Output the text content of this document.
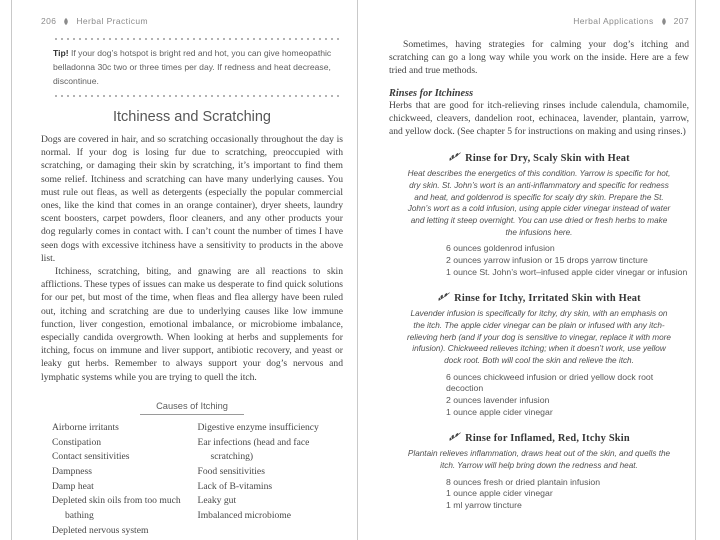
206 Herbal Practicum
Tip! If your dog’s hotspot is bright red and hot, you can give homeopathic belladonna 30c two or three times per day. If redness and heat decrease, discontinue.
Itchiness and Scratching

Dogs are covered in hair, and so scratching occasionally throughout the day is normal. If your dog is losing fur due to scratching, preoccupied with scratching, or damaging their skin by scratching, it’s important to find them some relief. Itchiness and scratching can have many underlying causes. You must rule out fleas, as well as detergents (especially the popular commercial ones, like the kind that comes in an orange container), dryer sheets, laundry scent boosters, carpet powders, floor cleaners, and any other products your dog regularly comes in contact with. I can’t count the number of times I have seen dogs with excessive itchiness have a sensitivity to products in the above list.

Itchiness, scratching, biting, and gnawing are all reactions to skin afflictions. These types of issues can make us desperate to find quick solutions for our pet, but most of the time, when fleas and flea allergy have been ruled out, itching and scratching are due to underlying causes like low immune function, liver congestion, emotional imbalance, or microbiome imbalance, especially candida overgrowth. When looking at herbs and supplements for itching, focus on immune and liver support, antibiotic recovery, and yeast or leaky gut herbs. Remember to always support your dog’s nervous and lymphatic systems while you are trying to quell the itch.

Causes of Itching
Airborne irritants
Constipation
Contact sensitivities
Dampness
Damp heat
Depleted skin oils from too much bathing
Depleted nervous system
Digestive enzyme insufficiency
Ear infections (head and face scratching)
Food sensitivities
Lack of B-vitamins
Leaky gut
Imbalanced microbiome
Herbal Applications 207

Sometimes, having strategies for calming your dog’s itching and scratching can go a long way while you work on the inside. Here are a few tried and true methods.

Rinses for Itchiness

Herbs that are good for itch-relieving rinses include calendula, chamomile, chickweed, cleavers, dandelion root, echinacea, lavender, plantain, yarrow, and yellow dock. (See chapter 5 for instructions on making and using rinses.)

Rinse for Dry, Scaly Skin with Heat

Heat describes the energetics of this condition. Yarrow is specific for hot, dry skin. St. John’s wort is an anti-inflammatory and specific for redness and heat, and goldenrod is specific for scaly dry skin. Prepare the St. John’s wort as a cold infusion, using apple cider vinegar instead of water and letting it steep overnight. You can use dried or fresh herbs to make the infusions here.

6 ounces goldenrod infusion
2 ounces yarrow infusion or 15 drops yarrow tincture
1 ounce St. John’s wort–infused apple cider vinegar or infusion
Rinse for Itchy, Irritated Skin with Heat

Lavender infusion is specifically for itchy, dry skin, with an emphasis on the itch. The apple cider vinegar can be plain or infused with any itch-relieving herb (and if your dog is sensitive to vinegar, replace it with more infusion). Chickweed relieves itching; when it doesn’t work, use yellow dock root. Both will cool the skin and relieve the itch.

6 ounces chickweed infusion or dried yellow dock root decoction
2 ounces lavender infusion
1 ounce apple cider vinegar
Rinse for Inflamed, Red, Itchy Skin

Plantain relieves inflammation, draws heat out of the skin, and quells the itch. Yarrow will help bring down the redness and heat.

8 ounces fresh or dried plantain infusion
1 ounce apple cider vinegar
1 ml yarrow tincture
